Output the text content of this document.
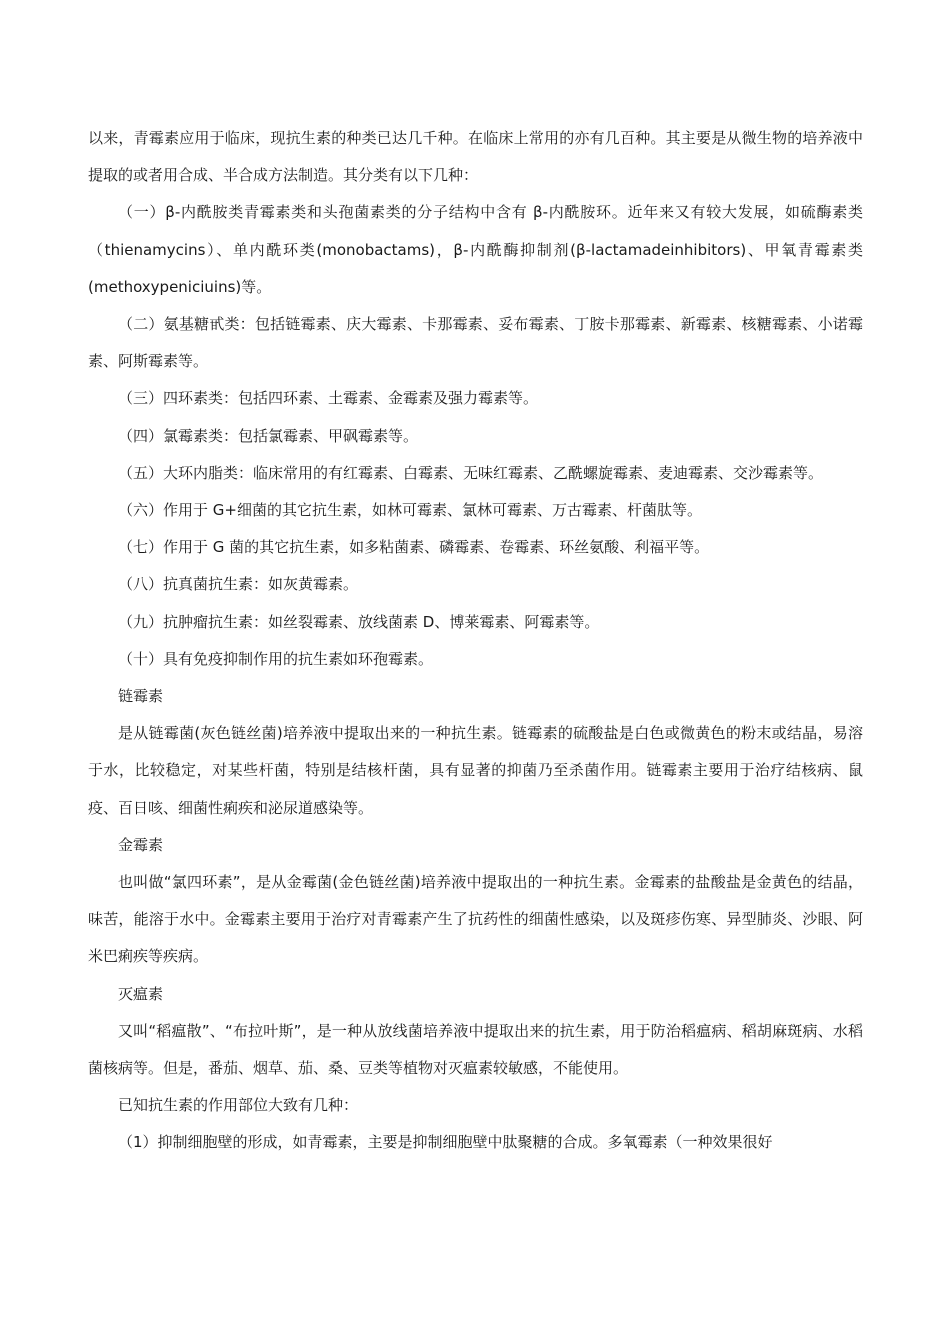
以来，青霉素应用于临床，现抗生素的种类已达几千种。在临床上常用的亦有几百种。其主要是从微生物的培养液中提取的或者用合成、半合成方法制造。其分类有以下几种：

（一）β-内酰胺类青霉素类和头孢菌素类的分子结构中含有 β-内酰胺环。近年来又有较大发展，如硫酶素类（thienamycins）、单内酰环类(monobactams)，β-内酰酶抑制剂(β-lactamadeinhibitors)、甲氧青霉素类(methoxypeniciuins)等。

（二）氨基糖甙类：包括链霉素、庆大霉素、卡那霉素、妥布霉素、丁胺卡那霉素、新霉素、核糖霉素、小诺霉素、阿斯霉素等。

（三）四环素类：包括四环素、土霉素、金霉素及强力霉素等。

（四）氯霉素类：包括氯霉素、甲砜霉素等。

（五）大环内脂类：临床常用的有红霉素、白霉素、无味红霉素、乙酰螺旋霉素、麦迪霉素、交沙霉素等。

（六）作用于 G+细菌的其它抗生素，如林可霉素、氯林可霉素、万古霉素、杆菌肽等。

（七）作用于 G 菌的其它抗生素，如多粘菌素、磷霉素、卷霉素、环丝氨酸、利福平等。

（八）抗真菌抗生素：如灰黄霉素。

（九）抗肿瘤抗生素：如丝裂霉素、放线菌素 D、博莱霉素、阿霉素等。

（十）具有免疫抑制作用的抗生素如环孢霉素。

链霉素

是从链霉菌(灰色链丝菌)培养液中提取出来的一种抗生素。链霉素的硫酸盐是白色或微黄色的粉末或结晶，易溶于水，比较稳定，对某些杆菌，特别是结核杆菌，具有显著的抑菌乃至杀菌作用。链霉素主要用于治疗结核病、鼠疫、百日咳、细菌性痢疾和泌尿道感染等。

金霉素

也叫做“氯四环素”，是从金霉菌(金色链丝菌)培养液中提取出的一种抗生素。金霉素的盐酸盐是金黄色的结晶，味苦，能溶于水中。金霉素主要用于治疗对青霉素产生了抗药性的细菌性感染，以及斑疹伤寒、异型肺炎、沙眼、阿米巴痢疾等疾病。

灭瘟素

又叫“稻瘟散”、“布拉叶斯”，是一种从放线菌培养液中提取出来的抗生素，用于防治稻瘟病、稻胡麻斑病、水稻菌核病等。但是，番茄、烟草、茄、桑、豆类等植物对灭瘟素较敏感，不能使用。

已知抗生素的作用部位大致有几种：

（1）抑制细胞壁的形成，如青霉素，主要是抑制细胞壁中肽聚糖的合成。多氧霉素（一种效果很好
